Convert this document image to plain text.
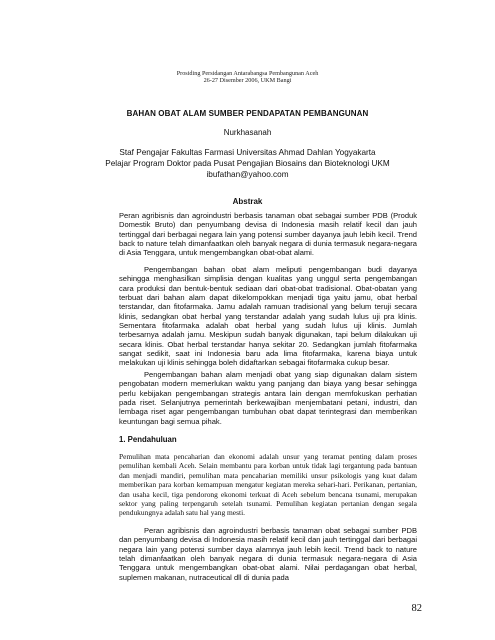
Prosiding Persidangan Antarabangsa Pembangunan Aceh
26-27 Disember 2006, UKM Bangi
BAHAN OBAT ALAM SUMBER PENDAPATAN PEMBANGUNAN
Nurkhasanah
Staf Pengajar Fakultas Farmasi Universitas Ahmad Dahlan Yogyakarta
Pelajar Program Doktor pada Pusat Pengajian Biosains dan Bioteknologi UKM
ibufathan@yahoo.com
Abstrak

Peran agribisnis dan agroindustri berbasis tanaman obat sebagai sumber PDB (Produk Domestik Bruto) dan penyumbang devisa di Indonesia masih relatif kecil dan jauh tertinggal dari berbagai negara lain yang potensi sumber dayanya jauh lebih kecil. Trend back to nature telah dimanfaatkan oleh banyak negara di dunia termasuk negara-negara di Asia Tenggara, untuk mengembangkan obat-obat alami.

Pengembangan bahan obat alam meliputi pengembangan budi dayanya sehingga menghasilkan simplisia dengan kualitas yang unggul serta pengembangan cara produksi dan bentuk-bentuk sediaan dari obat-obat tradisional. Obat-obatan yang terbuat dari bahan alam dapat dikelompokkan menjadi tiga yaitu jamu, obat herbal terstandar, dan fitofarmaka. Jamu adalah ramuan tradisional yang belum teruji secara klinis, sedangkan obat herbal yang terstandar adalah yang sudah lulus uji pra klinis. Sementara fitofarmaka adalah obat herbal yang sudah lulus uji klinis. Jumlah terbesarnya adalah jamu. Meskipun sudah banyak digunakan, tapi belum dilakukan uji secara klinis. Obat herbal terstandar hanya sekitar 20. Sedangkan jumlah fitofarmaka sangat sedikit, saat ini Indonesia baru ada lima fitofarmaka, karena biaya untuk melakukan uji klinis sehingga boleh didaftarkan sebagai fitofarmaka cukup besar.

Pengembangan bahan alam menjadi obat yang siap digunakan dalam sistem pengobatan modern memerlukan waktu yang panjang dan biaya yang besar sehingga perlu kebijakan pengembangan strategis antara lain dengan memfokuskan perhatian pada riset. Selanjutnya pemerintah berkewajiban menjembatani petani, industri, dan lembaga riset agar pengembangan tumbuhan obat dapat terintegrasi dan memberikan keuntungan bagi semua pihak.

1. Pendahuluan

Pemulihan mata pencaharian dan ekonomi adalah unsur yang teramat penting dalam proses pemulihan kembali Aceh. Selain membantu para korban untuk tidak lagi tergantung pada bantuan dan menjadi mandiri, pemulihan mata pencaharian memiliki unsur psikologis yang kuat dalam memberikan para korban kemampuan mengatur kegiatan mereka sehari-hari. Perikanan, pertanian, dan usaha kecil, tiga pendorong ekonomi terkuat di Aceh sebelum bencana tsunami, merupakan sektor yang paling terpengaruh setelah tsunami. Pemulihan kegiatan pertanian dengan segala pendukungnya adalah satu hal yang mesti.

Peran agribisnis dan agroindustri berbasis tanaman obat sebagai sumber PDB dan penyumbang devisa di Indonesia masih relatif kecil dan jauh tertinggal dari berbagai negara lain yang potensi sumber daya alamnya jauh lebih kecil. Trend back to nature telah dimanfaatkan oleh banyak negara di dunia termasuk negara-negara di Asia Tenggara untuk mengembangkan obat-obat alami. Nilai perdagangan obat herbal, suplemen makanan, nutraceutical dll di dunia pada

82
